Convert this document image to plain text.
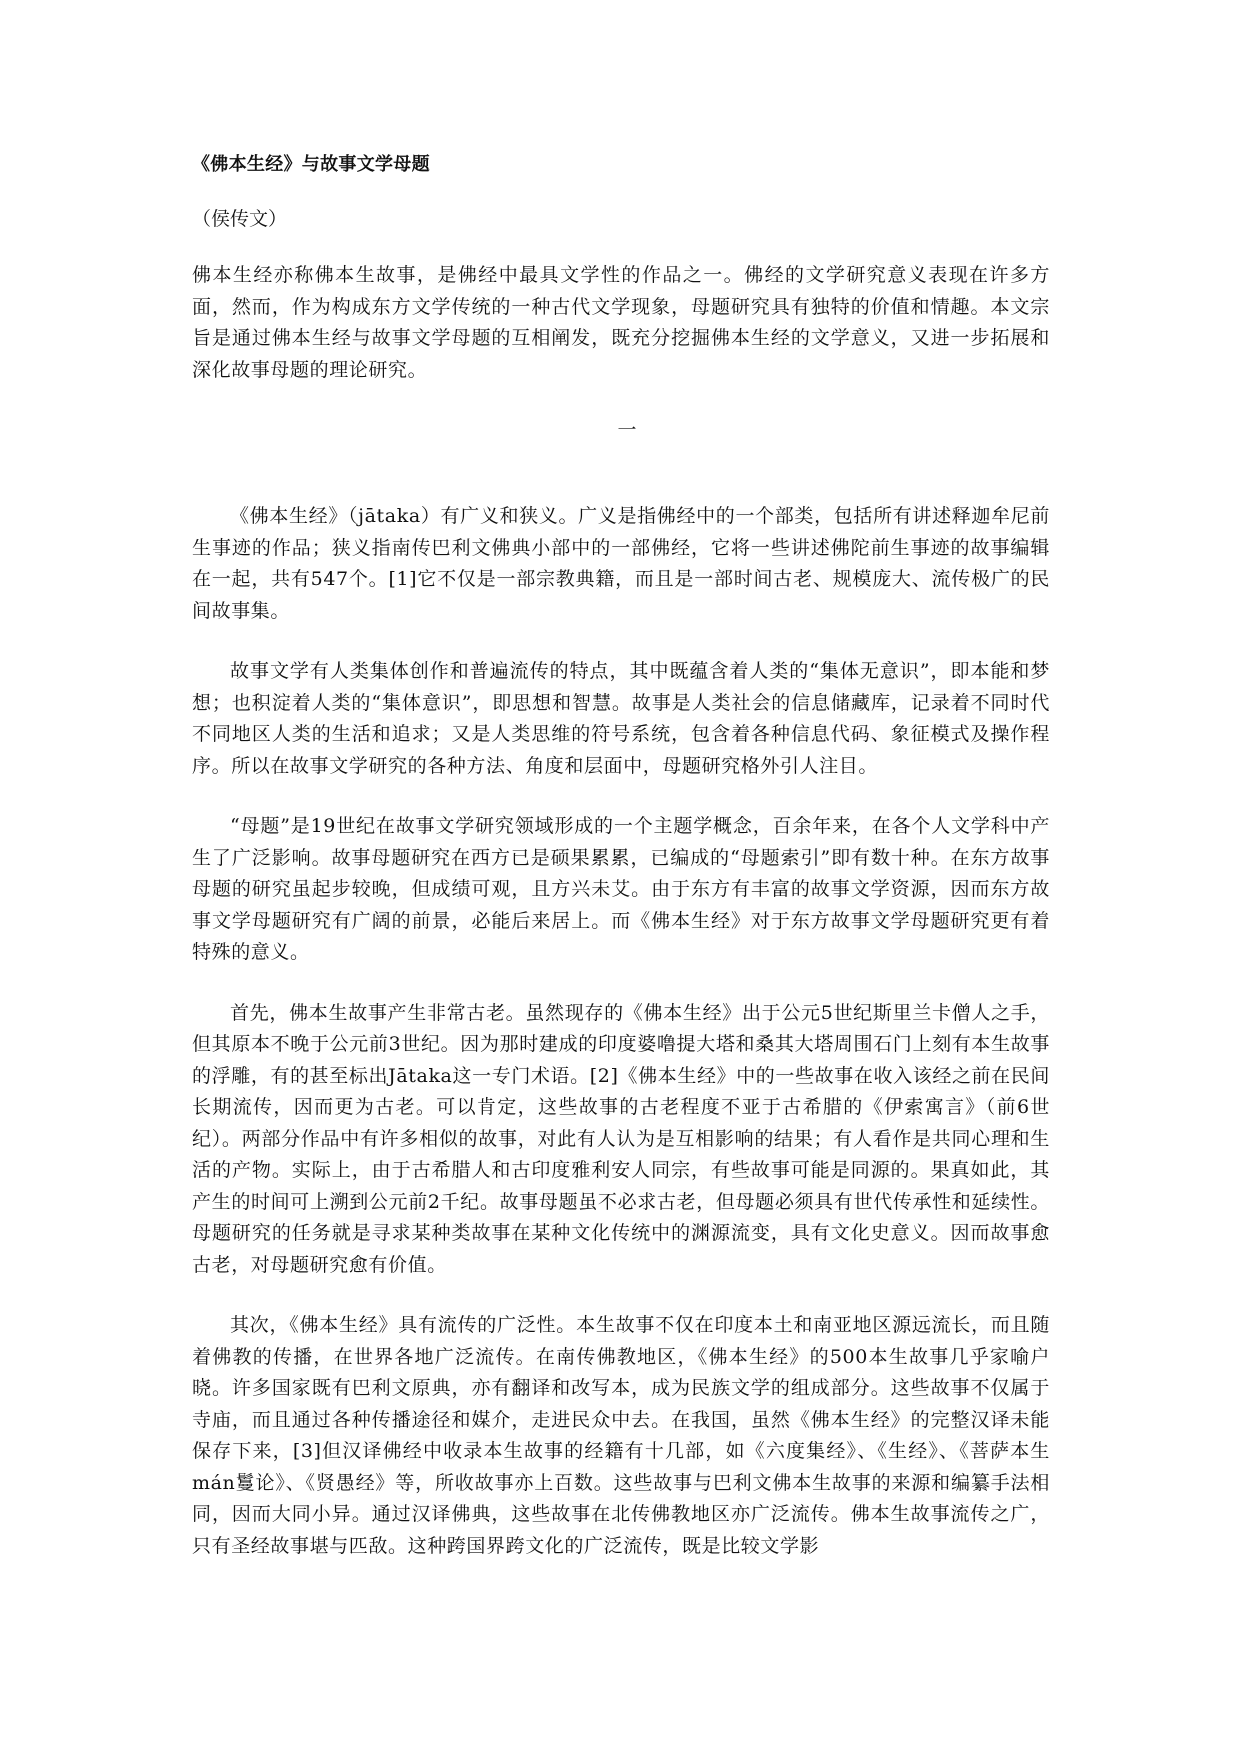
《佛本生经》与故事文学母题
（侯传文）

佛本生经亦称佛本生故事，是佛经中最具文学性的作品之一。佛经的文学研究意义表现在许多方面，然而，作为构成东方文学传统的一种古代文学现象，母题研究具有独特的价值和情趣。本文宗旨是通过佛本生经与故事文学母题的互相阐发，既充分挖掘佛本生经的文学意义，又进一步拓展和深化故事母题的理论研究。

一

《佛本生经》（jātaka）有广义和狭义。广义是指佛经中的一个部类，包括所有讲述释迦牟尼前生事迹的作品；狭义指南传巴利文佛典小部中的一部佛经，它将一些讲述佛陀前生事迹的故事编辑在一起，共有547个。[1]它不仅是一部宗教典籍，而且是一部时间古老、规模庞大、流传极广的民间故事集。

故事文学有人类集体创作和普遍流传的特点，其中既蕴含着人类的“集体无意识”，即本能和梦想；也积淀着人类的“集体意识”，即思想和智慧。故事是人类社会的信息储藏库，记录着不同时代不同地区人类的生活和追求；又是人类思维的符号系统，包含着各种信息代码、象征模式及操作程序。所以在故事文学研究的各种方法、角度和层面中，母题研究格外引人注目。

“母题”是19世纪在故事文学研究领域形成的一个主题学概念，百余年来，在各个人文学科中产生了广泛影响。故事母题研究在西方已是硕果累累，已编成的“母题索引”即有数十种。在东方故事母题的研究虽起步较晚，但成绩可观，且方兴未艾。由于东方有丰富的故事文学资源，因而东方故事文学母题研究有广阔的前景，必能后来居上。而《佛本生经》对于东方故事文学母题研究更有着特殊的意义。

首先，佛本生故事产生非常古老。虽然现存的《佛本生经》出于公元5世纪斯里兰卡僧人之手，但其原本不晚于公元前3世纪。因为那时建成的印度婆噜提大塔和桑其大塔周围石门上刻有本生故事的浮雕，有的甚至标出Jātaka这一专门术语。[2]《佛本生经》中的一些故事在收入该经之前在民间长期流传，因而更为古老。可以肯定，这些故事的古老程度不亚于古希腊的《伊索寓言》（前6世纪）。两部分作品中有许多相似的故事，对此有人认为是互相影响的结果；有人看作是共同心理和生活的产物。实际上，由于古希腊人和古印度雅利安人同宗，有些故事可能是同源的。果真如此，其产生的时间可上溯到公元前2千纪。故事母题虽不必求古老，但母题必须具有世代传承性和延续性。母题研究的任务就是寻求某种类故事在某种文化传统中的渊源流变，具有文化史意义。因而故事愈古老，对母题研究愈有价值。

其次，《佛本生经》具有流传的广泛性。本生故事不仅在印度本土和南亚地区源远流长，而且随着佛教的传播，在世界各地广泛流传。在南传佛教地区，《佛本生经》的500本生故事几乎家喻户晓。许多国家既有巴利文原典，亦有翻译和改写本，成为民族文学的组成部分。这些故事不仅属于寺庙，而且通过各种传播途径和媒介，走进民众中去。在我国，虽然《佛本生经》的完整汉译未能保存下来，[3]但汉译佛经中收录本生故事的经籍有十几部，如《六度集经》、《生经》、《菩萨本生mán鬘论》、《贤愚经》等，所收故事亦上百数。这些故事与巴利文佛本生故事的来源和编纂手法相同，因而大同小异。通过汉译佛典，这些故事在北传佛教地区亦广泛流传。佛本生故事流传之广，只有圣经故事堪与匹敌。这种跨国界跨文化的广泛流传，既是比较文学影
